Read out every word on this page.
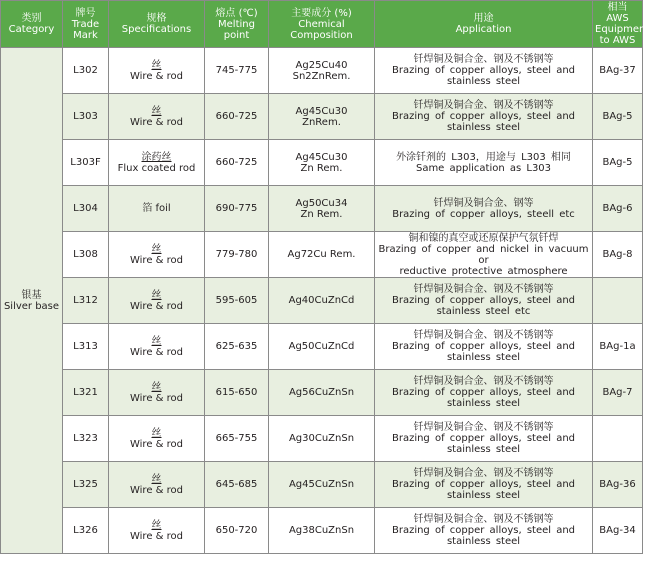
类别
Category	牌号
Trade
Mark	规格
Specifications	熔点 (℃)
Melting
point	主要成分 (%)
Chemical
Composition	用途
Application	相当 AWS
Equipment
to AWS

银基
Silver base	L302	丝
Wire & rod	745-775	Ag25Cu40
Sn2ZnRem.	钎焊铜及铜合金、钢及不锈钢等
Brazing of copper alloys, steel and
stainless steel	BAg-37

	L303	丝
Wire & rod	660-725	Ag45Cu30
ZnRem.	钎焊铜及铜合金、钢及不锈钢等
Brazing of copper alloys, steel and
stainless steel	BAg-5

	L303F	涂药丝
Flux coated rod	660-725	Ag45Cu30
Zn Rem.	外涂钎剂的 L303，用途与 L303 相同
Same application as L303	BAg-5

	L304	箔 foil	690-775	Ag50Cu34
Zn Rem.	钎焊铜及铜合金、钢等
Brazing of copper alloys, steell etc	BAg-6

	L308	丝
Wire & rod	779-780	Ag72Cu Rem.	铜和镍的真空或还原保护气氛钎焊
Brazing of copper and nickel in vacuum or
reductive protective atmosphere	BAg-8

	L312	丝
Wire & rod	595-605	Ag40CuZnCd	钎焊铜及铜合金、钢及不锈钢等
Brazing of copper alloys, steel and
stainless steel etc	

	L313	丝
Wire & rod	625-635	Ag50CuZnCd	钎焊铜及铜合金、钢及不锈钢等
Brazing of copper alloys, steel and
stainless steel	BAg-1a

	L321	丝
Wire & rod	615-650	Ag56CuZnSn	钎焊铜及铜合金、钢及不锈钢等
Brazing of copper alloys, steel and
stainless steel	BAg-7

	L323	丝
Wire & rod	665-755	Ag30CuZnSn	钎焊铜及铜合金、钢及不锈钢等
Brazing of copper alloys, steel and
stainless steel	

	L325	丝
Wire & rod	645-685	Ag45CuZnSn	钎焊铜及铜合金、钢及不锈钢等
Brazing of copper alloys, steel and
stainless steel	BAg-36

	L326	丝
Wire & rod	650-720	Ag38CuZnSn	钎焊铜及铜合金、钢及不锈钢等
Brazing of copper alloys, steel and
stainless steel	BAg-34
